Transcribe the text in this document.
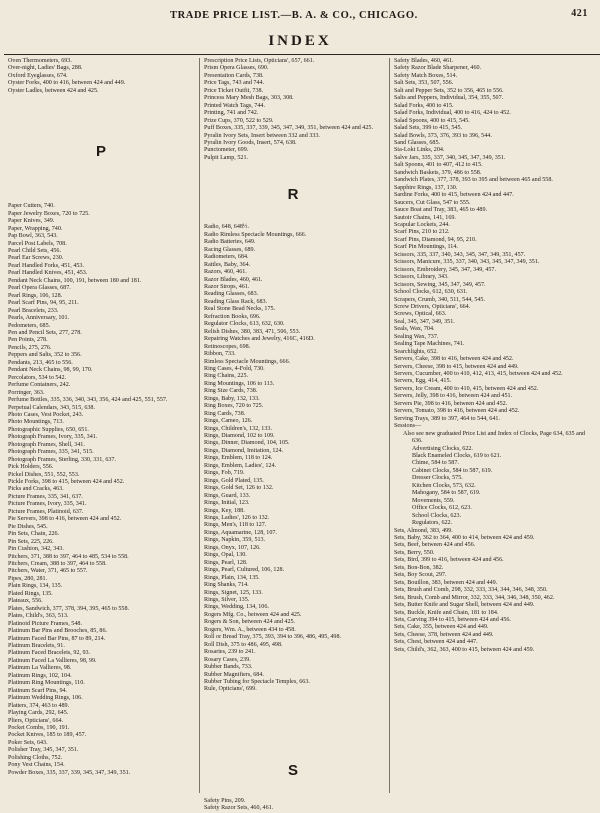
TRADE PRICE LIST.—B. A. & CO., CHICAGO.	421
INDEX
Oven Thermometers, 693.
Over-night, Ladies' Bags, 288.
Oxford Eyeglasses, 674.
Oyster Forks, 400 to 416, between 424 and 449.
Oyster Ladles, between 424 and 425.
P
Paper Cutters, 740.
Paper Jewelry Boxes, 720 to 725.
Paper Knives, 349.
Paper, Wrapping, 740.
Pap Bowl, 363, 543.
Parcel Post Labels, 708.
Pearl Child Sets, 456.
Pearl Ear Screws, 230.
Pearl Handled Forks, 451, 453.
Pearl Handled Knives, 451, 453.
Pendant Neck Chains, 100, 191, between 180 and 181.
Pearl Opera Glasses, 687.
Pearl Rings, 106, 128.
Pearl Scarf Pins, 94, 95, 211.
Pearl Bracelets, 233.
Pearls, Anniversary, 101.
Pedometers, 685.
Pen and Pencil Sets, 277, 278.
Pen Points, 278.
Pencils, 275, 276.
Peppers and Salts, 352 to 356.
Pendants, 213, 465 to 556.
Pendant Neck Chains, 98, 99, 170.
Percolators, 534 to 542.
Perfume Containers, 242.
Porringer, 363.
Perfume Bottles, 335, 336, 340, 343, 356, 424 and 425, 551, 557.
Perpetual Calendars, 343, 515, 638.
Photo Cases, Vest Pocket, 243.
Photo Mountings, 713.
Photographic Supplies, 650, 651.
Photograph Frames, Ivory, 335, 341.
Photograph Frames, Shell, 341.
Photograph Frames, 335, 341, 515.
Photograph Frames, Sterling, 330, 331, 637.
Pick Holders, 556.
Pickel Dishes, 551, 552, 553.
Pickle Forks, 398 to 415, between 424 and 452.
Picks and Cracks, 463.
Picture Frames, 335, 341, 637.
Picture Frames, Ivory, 335, 341.
Picture Frames, Platinoid, 637.
Pie Servers, 398 to 416, between 424 and 452.
Pie Dishes, 545.
Pin Sets, Chain, 226.
Pin Sets, 225, 226.
Pin Cushion, 342, 343.
Pitchers, 371, 388 to 397, 464 to 485, 534 to 558.
Pitchers, Cream, 388 to 397, 464 to 558.
Pitchers, Water, 371, 465 to 557.
Pipes, 280, 281.
Plain Rings, 134, 135.
Plated Rings, 135.
Plateaux, 556.
Plates, Sandwich, 377, 378, 394, 395, 465 to 558.
Plates, Child's, 363, 513.
Platinoid Picture Frames, 548.
Platinum Bar Pins and Brooches, 85, 86.
Platinum Faced Bar Pins, 87 to 89, 214.
Platinum Bracelets, 91.
Platinum Faced Bracelets, 92, 93.
Platinum Faced La Vallieres, 98, 99.
Platinum La Vallieres, 98.
Platinum Rings, 102, 104.
Platinum Ring Mountings, 110.
Platinum Scarf Pins, 94.
Platinum Wedding Rings, 106.
Platters, 374, 463 to 489.
Playing Cards, 292, 645.
Pliers, Opticians', 664.
Pocket Combs, 190, 191.
Pocket Knives, 185 to 189, 457.
Poker Sets, 643.
Polisher Tray, 345, 347, 351.
Polishing Cloths, 752.
Pony Vest Chains, 154.
Powder Boxes, 335, 337, 339, 345, 347, 349, 351.
Prescription Price Lists, Opticians', 657, 661.
Prism Opera Glasses, 690.
Presentation Cards, 738.
Price Tags, 743 and 744.
Price Ticket Outfit, 738.
Princess Mary Mesh Bags, 303, 308.
Printed Watch Tags, 744.
Printing, 741 and 742.
Prize Cups, 370, 522 to 529.
Puff Boxes, 335, 337, 339, 345, 347, 349, 351, between 424 and 425.
Pyralin Ivory Sets, Insert between 332 and 333.
Pyralin Ivory Goods, Insert, 574, 638.
Punctometer, 699.
Pulpit Lamp, 521.
R
Radio, 648, 648½.
Radio Rimless Spectacle Mountings, 666.
Radio Batteries, 649.
Racing Glasses, 689.
Radiometers, 684.
Rattles, Baby, 364.
Razors, 460, 461.
Razor Blades, 460, 461.
Razor Strops, 461.
Reading Glasses, 683.
Reading Glass Rack, 683.
Real Stone Bead Necks, 175.
Refraction Books, 696.
Regulator Clocks, 613, 632, 630.
Relish Dishes, 380, 383, 471, 506, 553.
Repairing Watches and Jewelry, 416C, 416D.
Retinoscopes, 698.
Ribbon, 733.
Rimless Spectacle Mountings, 666.
Ring Cases, 4-Fold, 730.
Ring Chains, 225.
Ring Mountings, 106 to 113.
Ring Size Cards, 738.
Rings, Baby, 132, 133.
Ring Boxes, 720 to 725.
Ring Cards, 738.
Rings, Cameo, 126.
Rings, Children's, 132, 133.
Rings, Diamond, 102 to 109.
Rings, Dinner, Diamond, 104, 105.
Rings, Diamond, Imitation, 124.
Rings, Emblem, 118 to 124.
Rings, Emblem, Ladies', 124.
Rings, Fob, 719.
Rings, Gold Plated, 135.
Rings, Gold Set, 126 to 132.
Rings, Guard, 133.
Rings, Initial, 123.
Rings, Key, 188.
Rings, Ladies', 126 to 132.
Rings, Men's, 118 to 127.
Rings, Aquamarine, 128, 107.
Rings, Napkin, 359, 513.
Rings, Onyx, 107, 126.
Rings, Opal, 130.
Rings, Pearl, 128.
Rings, Pearl, Cultured, 106, 128.
Rings, Plain, 134, 135.
Ring Shanks, 714.
Rings, Signet, 125, 133.
Rings, Silver, 135.
Rings, Wedding, 134, 106.
Rogers Mfg. Co., between 424 and 425.
Rogers & Son, between 424 and 425.
Rogers, Wm. A., between 434 to 458.
Roll or Bread Tray, 375, 393, 394 to 396, 486, 495, 498.
Roll Dish, 375 to 486, 495, 498.
Rosaries, 239 to 241.
Rosary Cases, 239.
Rubber Bands, 733.
Rubber Magnifiers, 684.
Rubber Tubing for Spectacle Temples, 663.
Rule, Opticians', 699.
S
Safety Pins, 209.
Safety Razor Sets, 460, 461.
Safety Blades, 460, 461.
Safety Razor Blade Sharpener, 460.
Safety Match Boxes, 514.
Salt Sets, 353, 507, 556.
Salt and Pepper Sets, 352 to 356, 465 to 556.
Salts and Peppers, Individual, 354, 355, 507.
Salad Forks, 400 to 415.
Salad Forks, Individual, 400 to 416, 424 to 452.
Salad Spoons, 400 to 415, 545.
Salad Sets, 399 to 415, 545.
Salad Bowls, 373, 376, 393 to 396, 544.
Sand Glasses, 685.
Sta-Lokt Links, 204.
Salve Jars, 335, 337, 340, 345, 347, 349, 351.
Salt Spoons, 401 to 407, 412 to 415.
Sandwich Baskets, 379, 486 to 558.
Sandwich Plates, 377, 378, 393 to 395 and between 465 and 558.
Sapphire Rings, 137, 130.
Sardine Forks, 400 to 415, between 424 and 447.
Saucers, Cut Glass, 547 to 555.
Sauce Boat and Tray, 383, 465 to 489.
Sautoir Chains, 141, 169.
Scapular Lockets, 244.
Scarf Pins, 210 to 212.
Scarf Pins, Diamond, 94, 95, 210.
Scarf Pin Mountings, 114.
Scissors, 335, 337, 340, 343, 345, 347, 349, 351, 457.
Scissors, Manicure, 335, 337, 340, 343, 345, 347, 349, 351.
Scissors, Embroidery, 345, 347, 349, 457.
Scissors, Library, 343.
Scissors, Sewing, 345, 347, 349, 457.
School Clocks, 612, 630, 631.
Scrapers, Crumb, 340, 511, 544, 545.
Screw Drivers, Opticians', 664.
Screws, Optical, 663.
Seal, 345, 347, 349, 351.
Seals, Wax, 704.
Sealing Wax, 737.
Sealing Tape Machines, 741.
Searchlights, 652.
Servers, Cake, 398 to 416, between 424 and 452.
Servers, Cheese, 398 to 415, between 424 and 449.
Servers, Cucumber, 400 to 410, 412, 413, 415, between 424 and 452.
Servers, Egg, 414, 415.
Servers, Ice Cream, 400 to 410, 415, between 424 and 452.
Servers, Jelly, 398 to 416, between 424 and 451.
Servers Pie, 398 to 416, between 424 and 452.
Servers, Tomato, 398 to 416, between 424 and 452.
Serving Trays, 389 to 397, 464 to 544, 641.
Sessions—
Also see new graduated Price List and Index of Clocks, Page 634, 635 and 636.
Advertising Clocks, 622.
Black Enameled Clocks, 619 to 621.
Chime, 584 to 587.
Cabinet Clocks, 584 to 587, 619.
Dresser Clocks, 575.
Kitchen Clocks, 573, 632.
Mahogany, 584 to 587, 619.
Movements, 559.
Office Clocks, 612, 623.
School Clocks, 623.
Regulators, 622.
Sets, Almond, 383, 499.
Sets, Baby, 362 to 364, 400 to 414, between 424 and 459.
Sets, Beef, between 424 and 456.
Sets, Berry, 550.
Sets, Bird, 399 to 416, between 424 and 456.
Sets, Bon-Bon, 382.
Sets, Boy Scout, 297.
Sets, Bouillon, 383, between 424 and 449.
Sets, Brush and Comb, 298, 332, 333, 334, 344, 346, 348, 350.
Sets, Brush, Comb and Mirror, 332, 333, 344, 346, 348, 350, 462.
Sets, Butter Knife and Sugar Shell, between 424 and 449.
Sets, Buckle, Knife and Chain, 181 to 184.
Sets, Carving 394 to 415, between 424 and 456.
Sets, Cake, 355, between 424 and 449.
Sets, Cheese, 378, between 424 and 449.
Sets, Chest, between 424 and 447.
Sets, Child's, 362, 363, 400 to 415, between 424 and 459.
